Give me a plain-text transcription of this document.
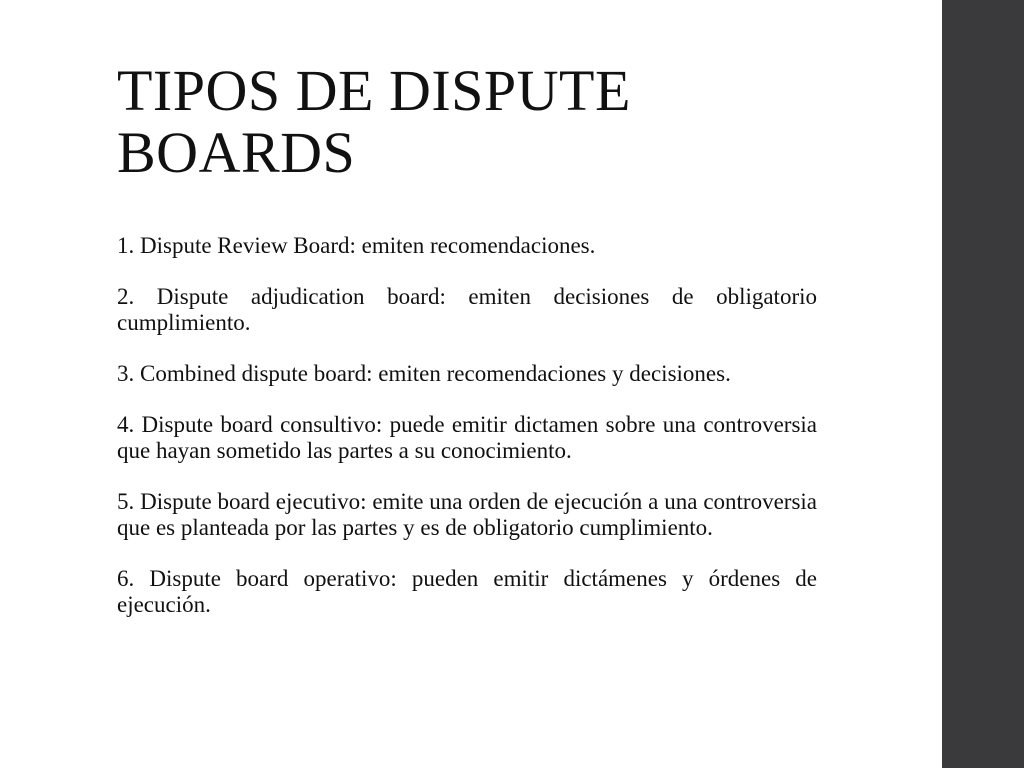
TIPOS DE DISPUTE BOARDS

1. Dispute Review Board: emiten recomendaciones.

2. Dispute adjudication board: emiten decisiones de obligatorio cumplimiento.

3. Combined dispute board: emiten recomendaciones y decisiones.

4. Dispute board consultivo: puede emitir dictamen sobre una controversia que hayan sometido las partes a su conocimiento.

5. Dispute board ejecutivo: emite una orden de ejecución a una controversia que es planteada por las partes y es de obligatorio cumplimiento.

6. Dispute board operativo: pueden emitir dictámenes y órdenes de ejecución.
